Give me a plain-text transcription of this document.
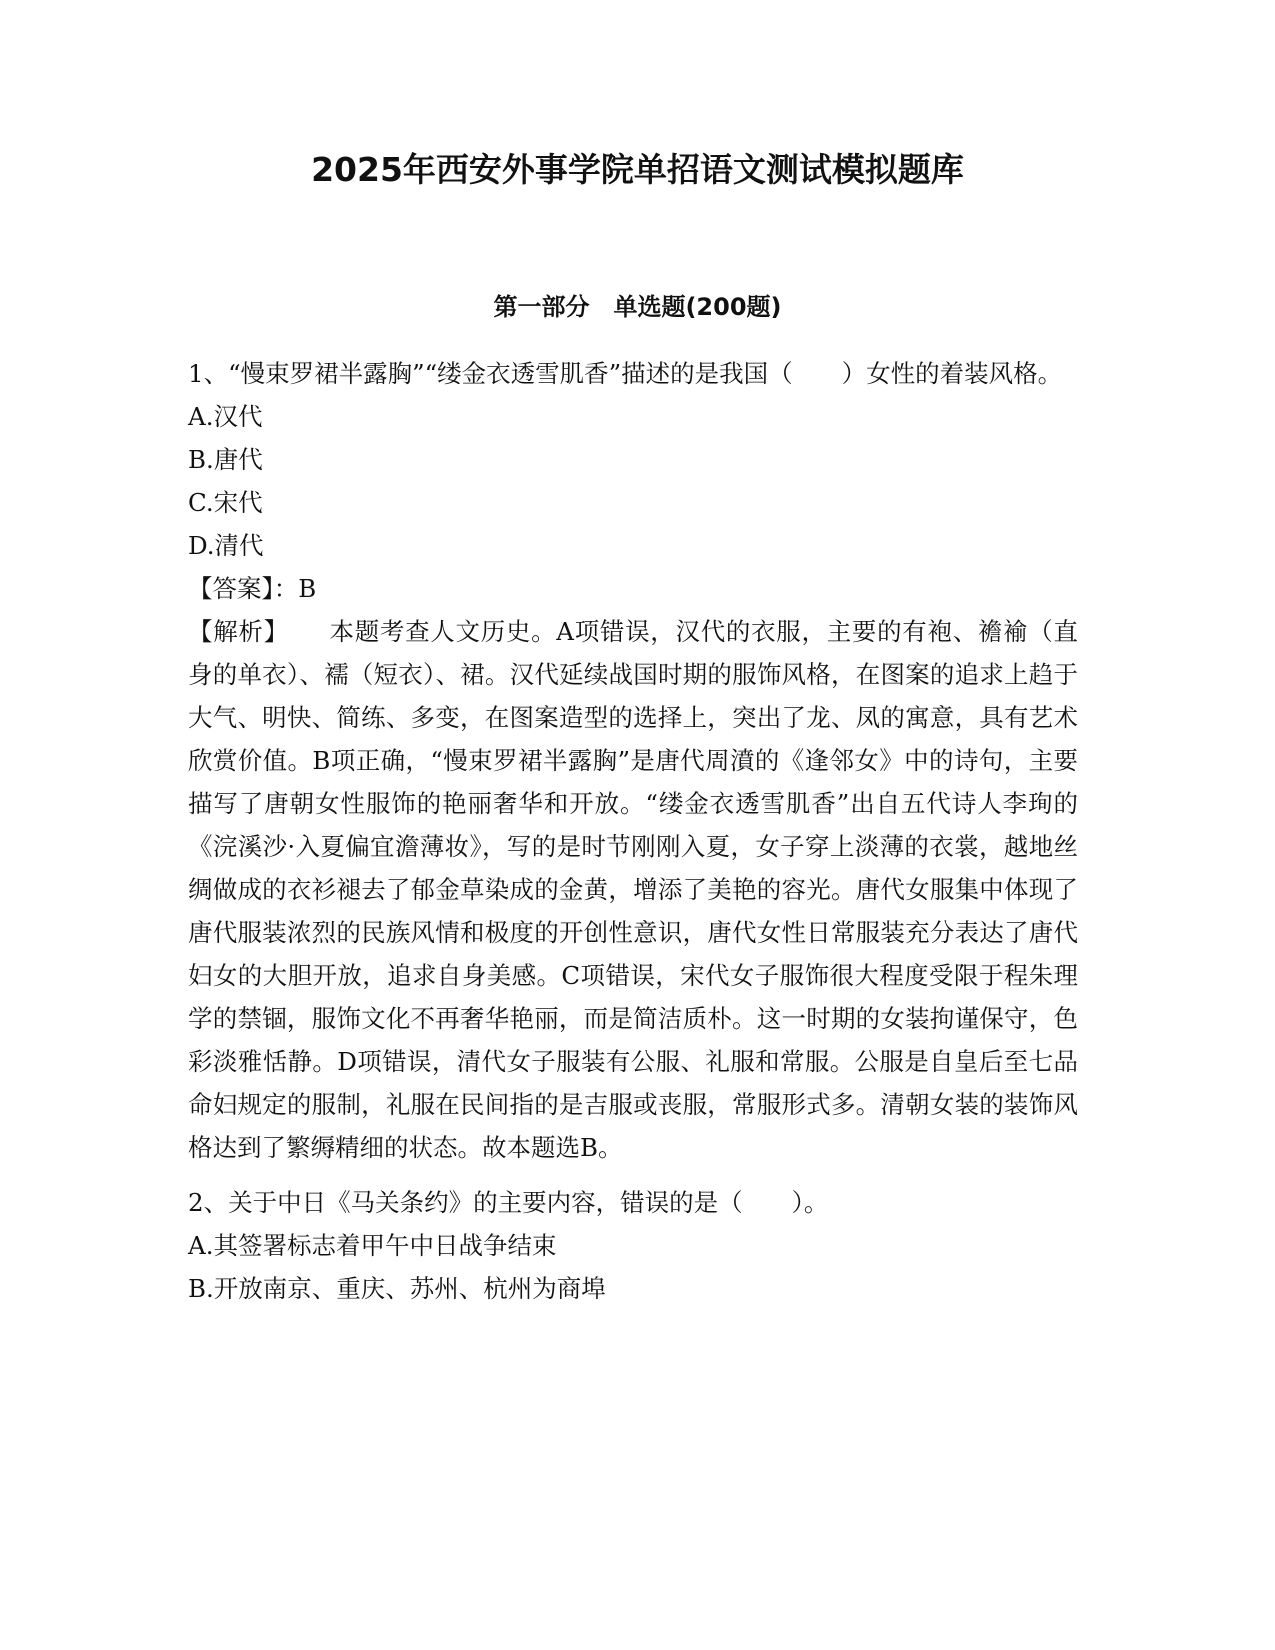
2025年西安外事学院单招语文测试模拟题库
第一部分　单选题(200题)

1、“慢束罗裙半露胸”“缕金衣透雪肌香”描述的是我国（　　）女性的着装风格。

A.汉代

B.唐代

C.宋代

D.清代

【答案】：B

【解析】 本题考查人文历史。A项错误，汉代的衣服，主要的有袍、襜褕（直身的单衣）、襦（短衣）、裙。汉代延续战国时期的服饰风格，在图案的追求上趋于大气、明快、简练、多变，在图案造型的选择上，突出了龙、凤的寓意，具有艺术欣赏价值。B项正确，“慢束罗裙半露胸”是唐代周濆的《逢邻女》中的诗句，主要描写了唐朝女性服饰的艳丽奢华和开放。“缕金衣透雪肌香”出自五代诗人李珣的《浣溪沙·入夏偏宜澹薄妆》，写的是时节刚刚入夏，女子穿上淡薄的衣裳，越地丝绸做成的衣衫褪去了郁金草染成的金黄，增添了美艳的容光。唐代女服集中体现了唐代服装浓烈的民族风情和极度的开创性意识，唐代女性日常服装充分表达了唐代妇女的大胆开放，追求自身美感。C项错误，宋代女子服饰很大程度受限于程朱理学的禁锢，服饰文化不再奢华艳丽，而是简洁质朴。这一时期的女装拘谨保守，色彩淡雅恬静。D项错误，清代女子服装有公服、礼服和常服。公服是自皇后至七品命妇规定的服制，礼服在民间指的是吉服或丧服，常服形式多。清朝女装的装饰风格达到了繁缛精细的状态。故本题选B。

2、关于中日《马关条约》的主要内容，错误的是（　　）。

A.其签署标志着甲午中日战争结束

B.开放南京、重庆、苏州、杭州为商埠
